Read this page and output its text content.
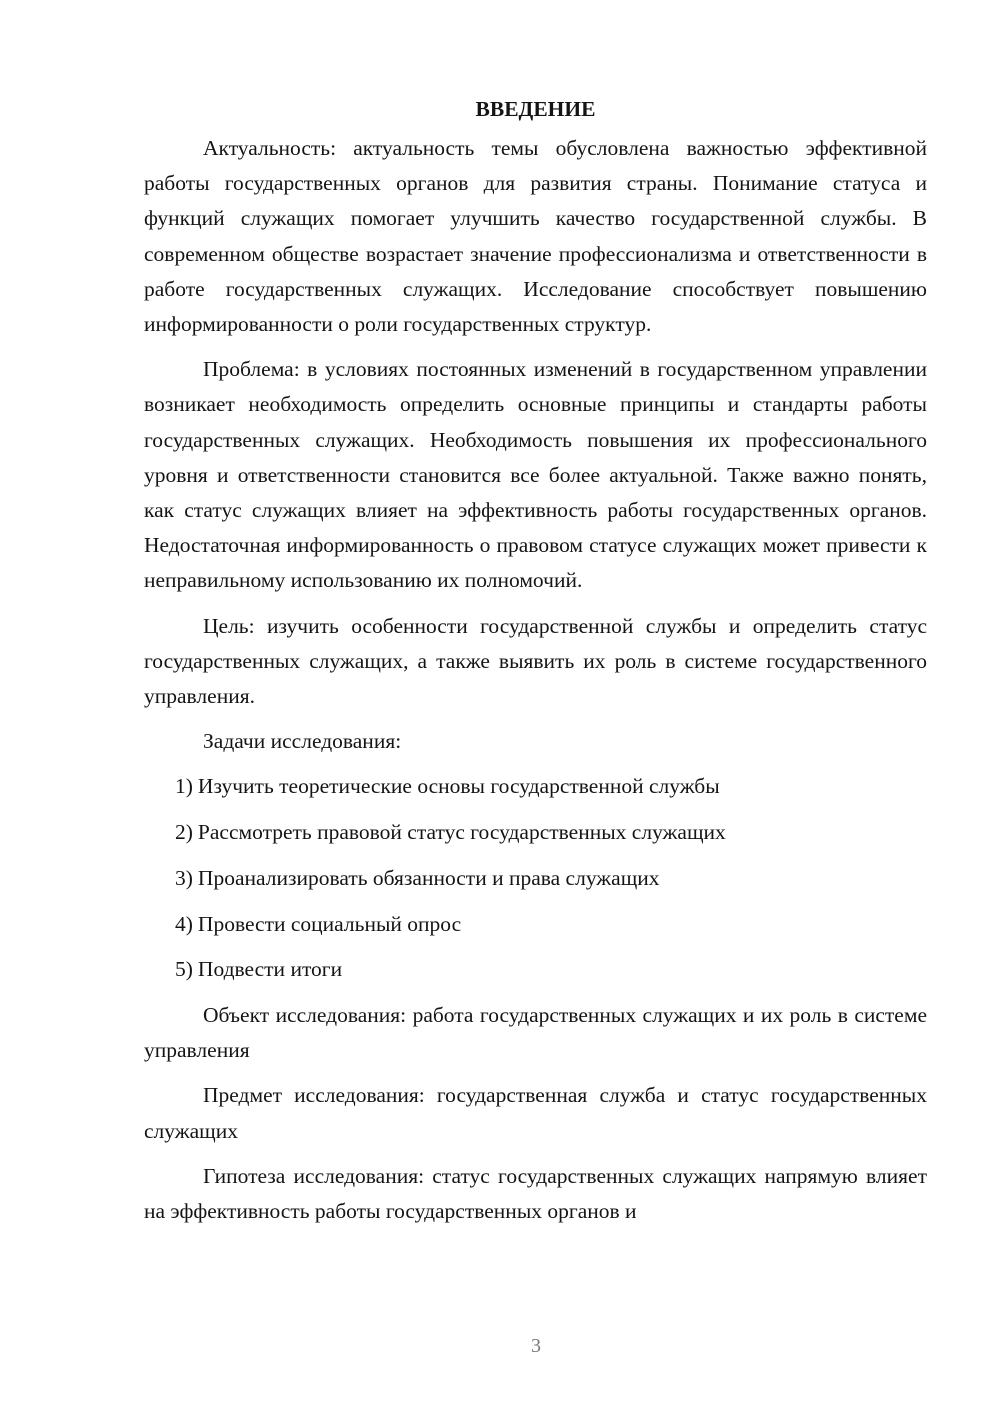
ВВЕДЕНИЕ

Актуальность: актуальность темы обусловлена важностью эффективной работы государственных органов для развития страны. Понимание статуса и функций служащих помогает улучшить качество государственной службы. В современном обществе возрастает значение профессионализма и ответственности в работе государственных служащих. Исследование способствует повышению информированности о роли государственных структур.

Проблема: в условиях постоянных изменений в государственном управлении возникает необходимость определить основные принципы и стандарты работы государственных служащих. Необходимость повышения их профессионального уровня и ответственности становится все более актуальной. Также важно понять, как статус служащих влияет на эффективность работы государственных органов. Недостаточная информированность о правовом статусе служащих может привести к неправильному использованию их полномочий.

Цель: изучить особенности государственной службы и определить статус государственных служащих, а также выявить их роль в системе государственного управления.

Задачи исследования:

1) Изучить теоретические основы государственной службы
2) Рассмотреть правовой статус государственных служащих
3) Проанализировать обязанности и права служащих
4) Провести социальный опрос
5) Подвести итоги

Объект исследования: работа государственных служащих и их роль в системе управления

Предмет исследования: государственная служба и статус государственных служащих

Гипотеза исследования: статус государственных служащих напрямую влияет на эффективность работы государственных органов и

3
